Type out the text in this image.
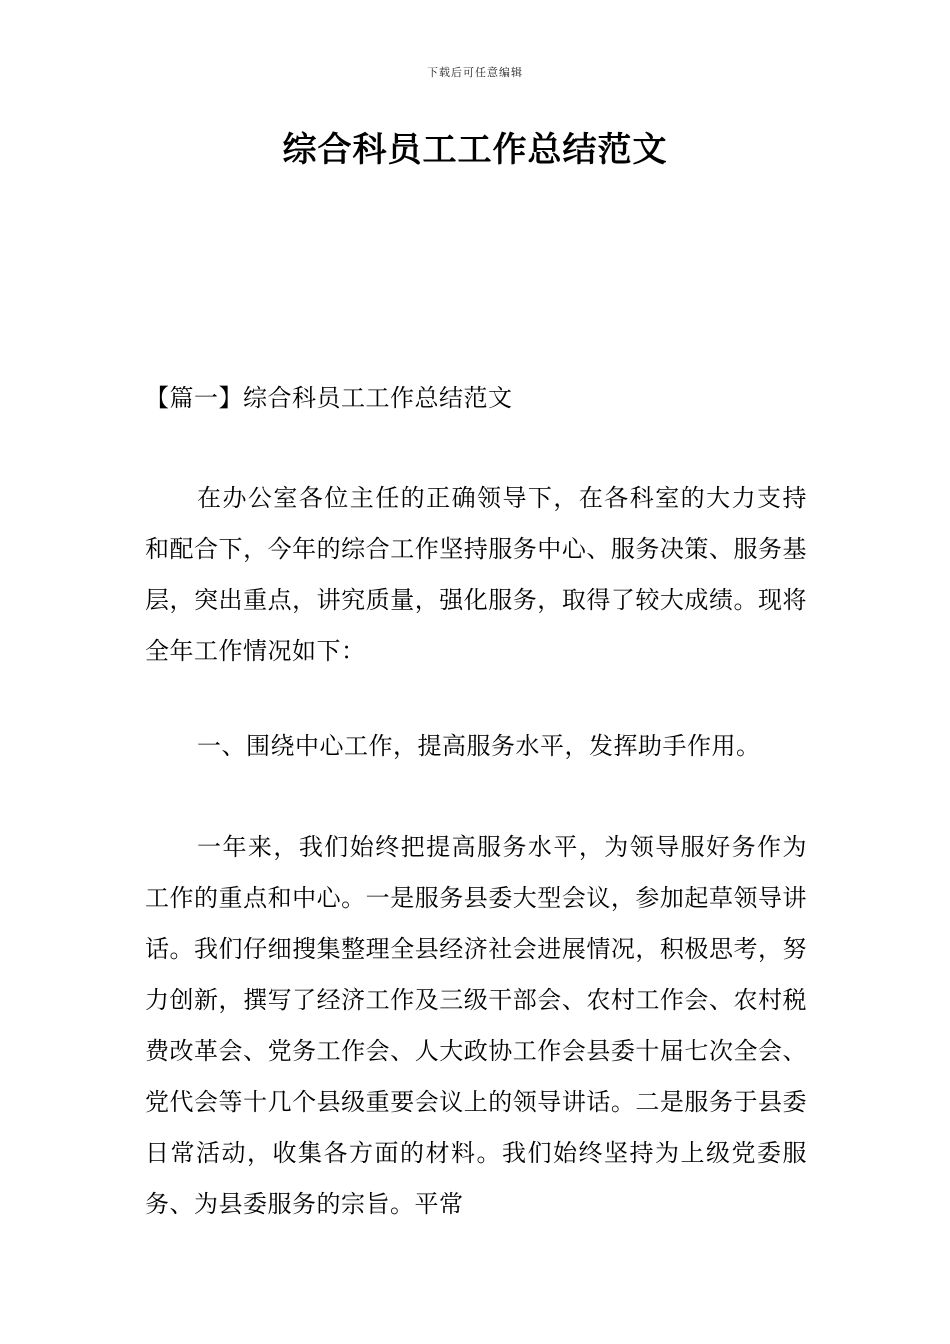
下载后可任意编辑
综合科员工工作总结范文

【篇一】综合科员工工作总结范文

在办公室各位主任的正确领导下，在各科室的大力支持和配合下，今年的综合工作坚持服务中心、服务决策、服务基层，突出重点，讲究质量，强化服务，取得了较大成绩。现将全年工作情况如下：

一、围绕中心工作，提高服务水平，发挥助手作用。

一年来，我们始终把提高服务水平，为领导服好务作为工作的重点和中心。一是服务县委大型会议，参加起草领导讲话。我们仔细搜集整理全县经济社会进展情况，积极思考，努力创新，撰写了经济工作及三级干部会、农村工作会、农村税费改革会、党务工作会、人大政协工作会县委十届七次全会、党代会等十几个县级重要会议上的领导讲话。二是服务于县委日常活动，收集各方面的材料。我们始终坚持为上级党委服务、为县委服务的宗旨。平常
